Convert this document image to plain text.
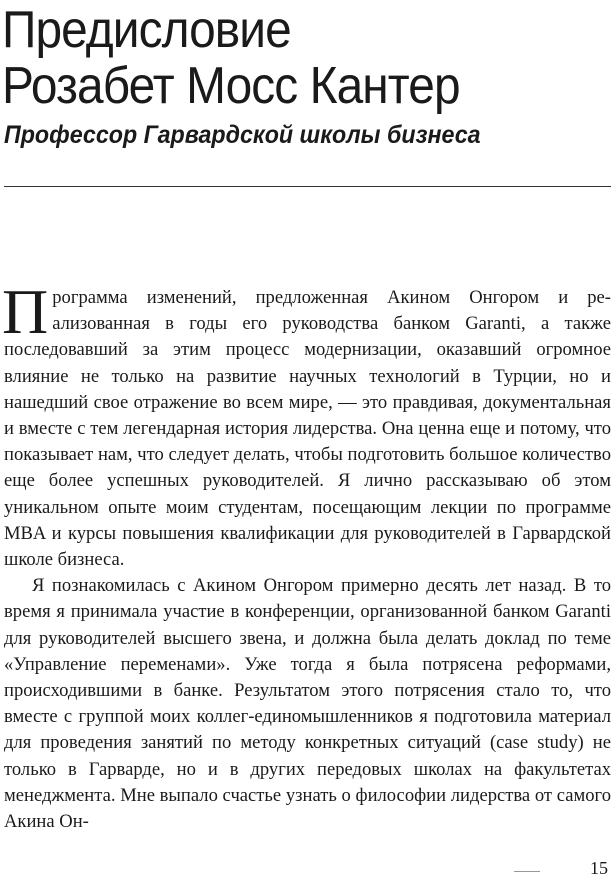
Предисловие
Розабет Мосс Кантер
Профессор Гарвардской школы бизнеса

Программа изменений, предложенная Акином Онгором и реализованная в годы его руководства банком Garanti, а также последовавший за этим процесс модернизации, оказавший огромное влияние не только на развитие научных технологий в Турции, но и нашедший свое отражение во всем мире, — это правдивая, документальная и вместе с тем легендарная история лидерства. Она ценна еще и потому, что показывает нам, что следует делать, чтобы подготовить большое количество еще более успешных руководителей. Я лично рассказываю об этом уникальном опыте моим студентам, посещающим лекции по программе MBA и курсы повышения квалификации для руководителей в Гарвардской школе бизнеса.

Я познакомилась с Акином Онгором примерно десять лет назад. В то время я принимала участие в конференции, организованной банком Garanti для руководителей высшего звена, и должна была делать доклад по теме «Управление переменами». Уже тогда я была потрясена реформами, происходившими в банке. Результатом этого потрясения стало то, что вместе с группой моих коллег-единомышленников я подготовила материал для проведения занятий по методу конкретных ситуаций (case study) не только в Гарварде, но и в других передовых школах на факультетах менеджмента. Мне выпало счастье узнать о философии лидерства от самого Акина Он-

15
